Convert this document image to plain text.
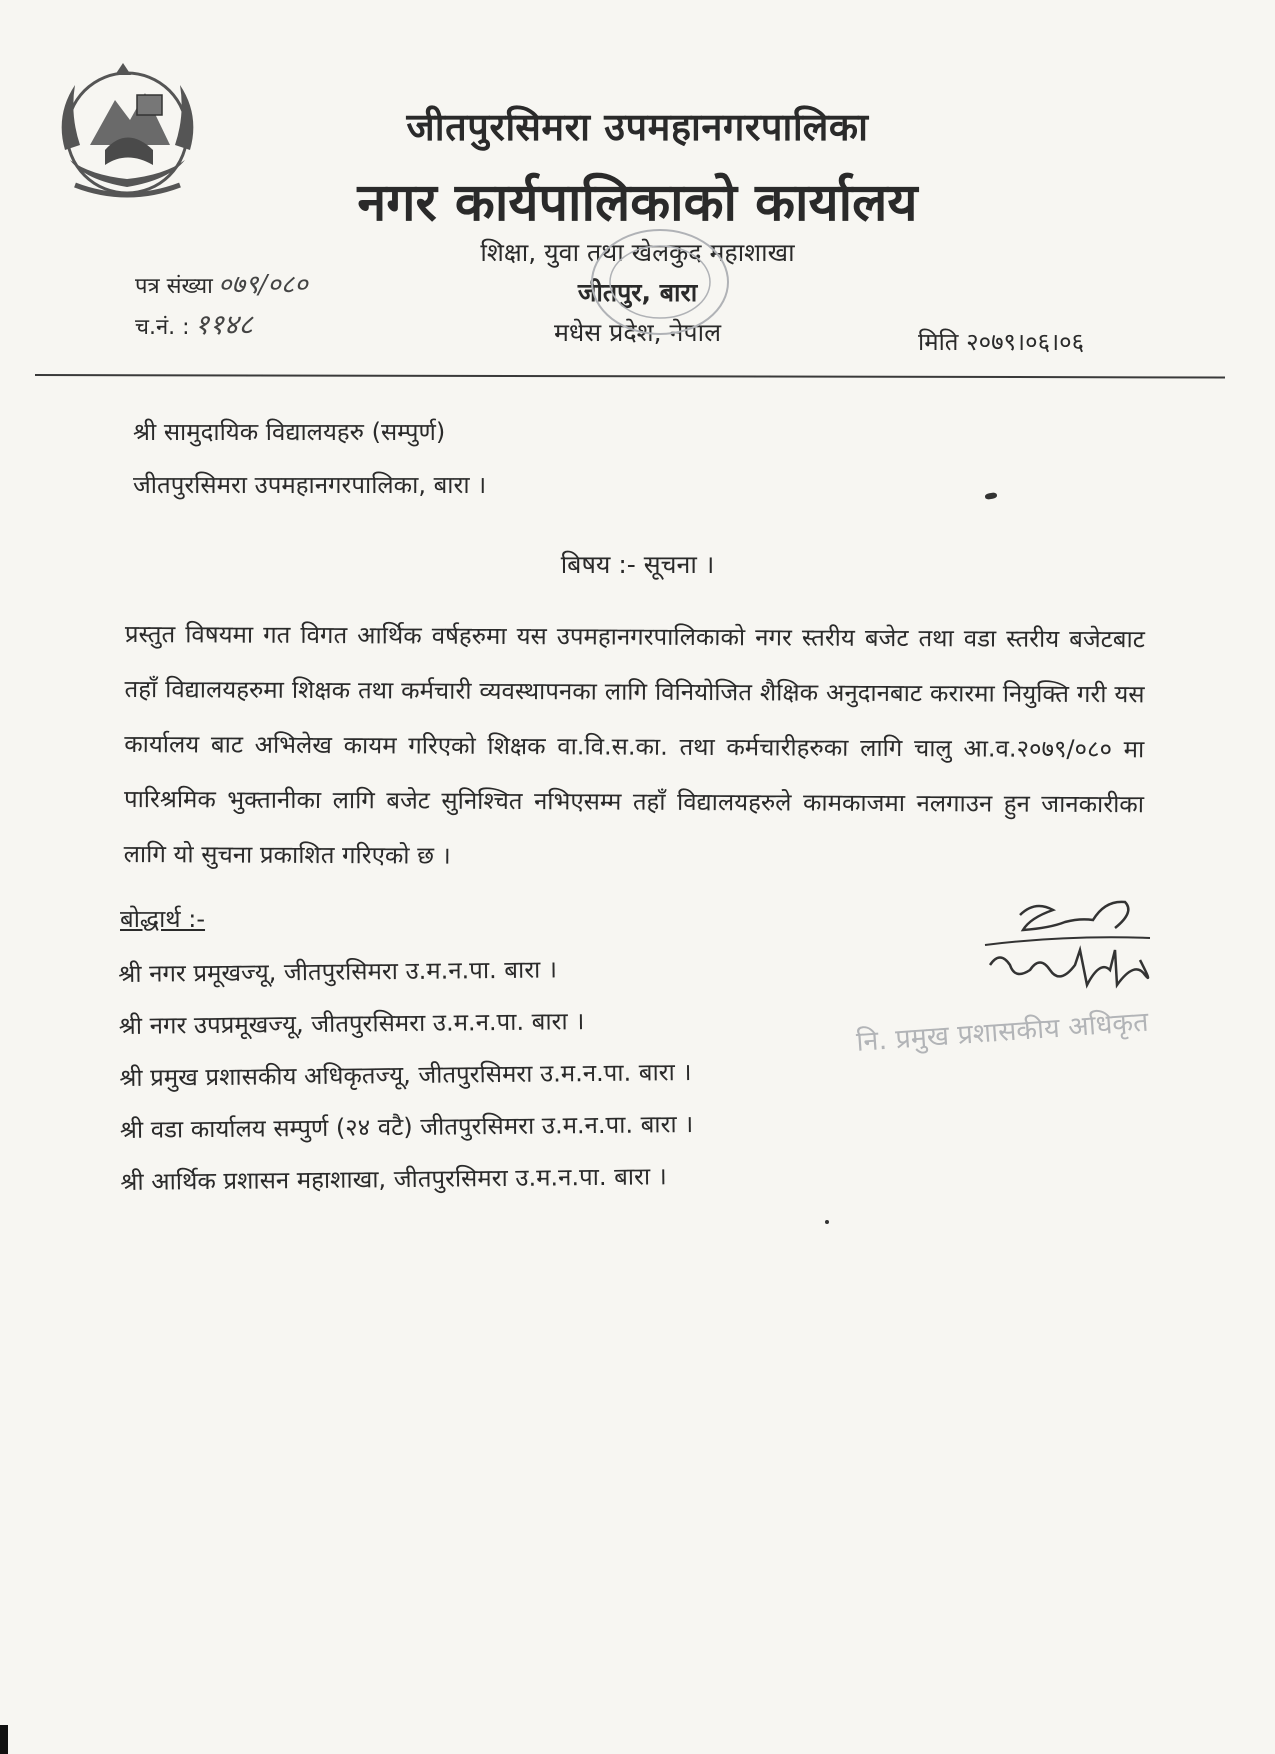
जीतपुरसिमरा उपमहानगरपालिका
नगर कार्यपालिकाको कार्यालय
शिक्षा, युवा तथा खेलकुद महाशाखा
जीतपुर, बारा
मधेस प्रदेश, नेपाल
पत्र संख्या ०७९/०८०
च.नं. : ११४८
मिति २०७९।०६।०६
श्री सामुदायिक विद्यालयहरु (सम्पुर्ण)
जीतपुरसिमरा उपमहानगरपालिका, बारा ।
बिषय :- सूचना ।
प्रस्तुत विषयमा गत विगत आर्थिक वर्षहरुमा यस उपमहानगरपालिकाको नगर स्तरीय बजेट तथा वडा स्तरीय बजेटबाट तहाँ विद्यालयहरुमा शिक्षक तथा कर्मचारी व्यवस्थापनका लागि विनियोजित शैक्षिक अनुदानबाट करारमा नियुक्ति गरी यस कार्यालय बाट अभिलेख कायम गरिएको शिक्षक वा.वि.स.का. तथा कर्मचारीहरुका लागि चालु आ.व.२०७९/०८० मा पारिश्रमिक भुक्तानीका लागि बजेट सुनिश्चित नभिएसम्म तहाँ विद्यालयहरुले कामकाजमा नलगाउन हुन जानकारीका लागि यो सुचना प्रकाशित गरिएको छ ।
बोद्धार्थ :-
श्री नगर प्रमूखज्यू, जीतपुरसिमरा उ.म.न.पा. बारा ।
श्री नगर उपप्रमूखज्यू, जीतपुरसिमरा उ.म.न.पा. बारा ।
श्री प्रमुख प्रशासकीय अधिकृतज्यू, जीतपुरसिमरा उ.म.न.पा. बारा ।
श्री वडा कार्यालय सम्पुर्ण (२४ वटै) जीतपुरसिमरा उ.म.न.पा. बारा ।
श्री आर्थिक प्रशासन महाशाखा, जीतपुरसिमरा उ.म.न.पा. बारा ।
नि. प्रमुख प्रशासकीय अधिकृत
